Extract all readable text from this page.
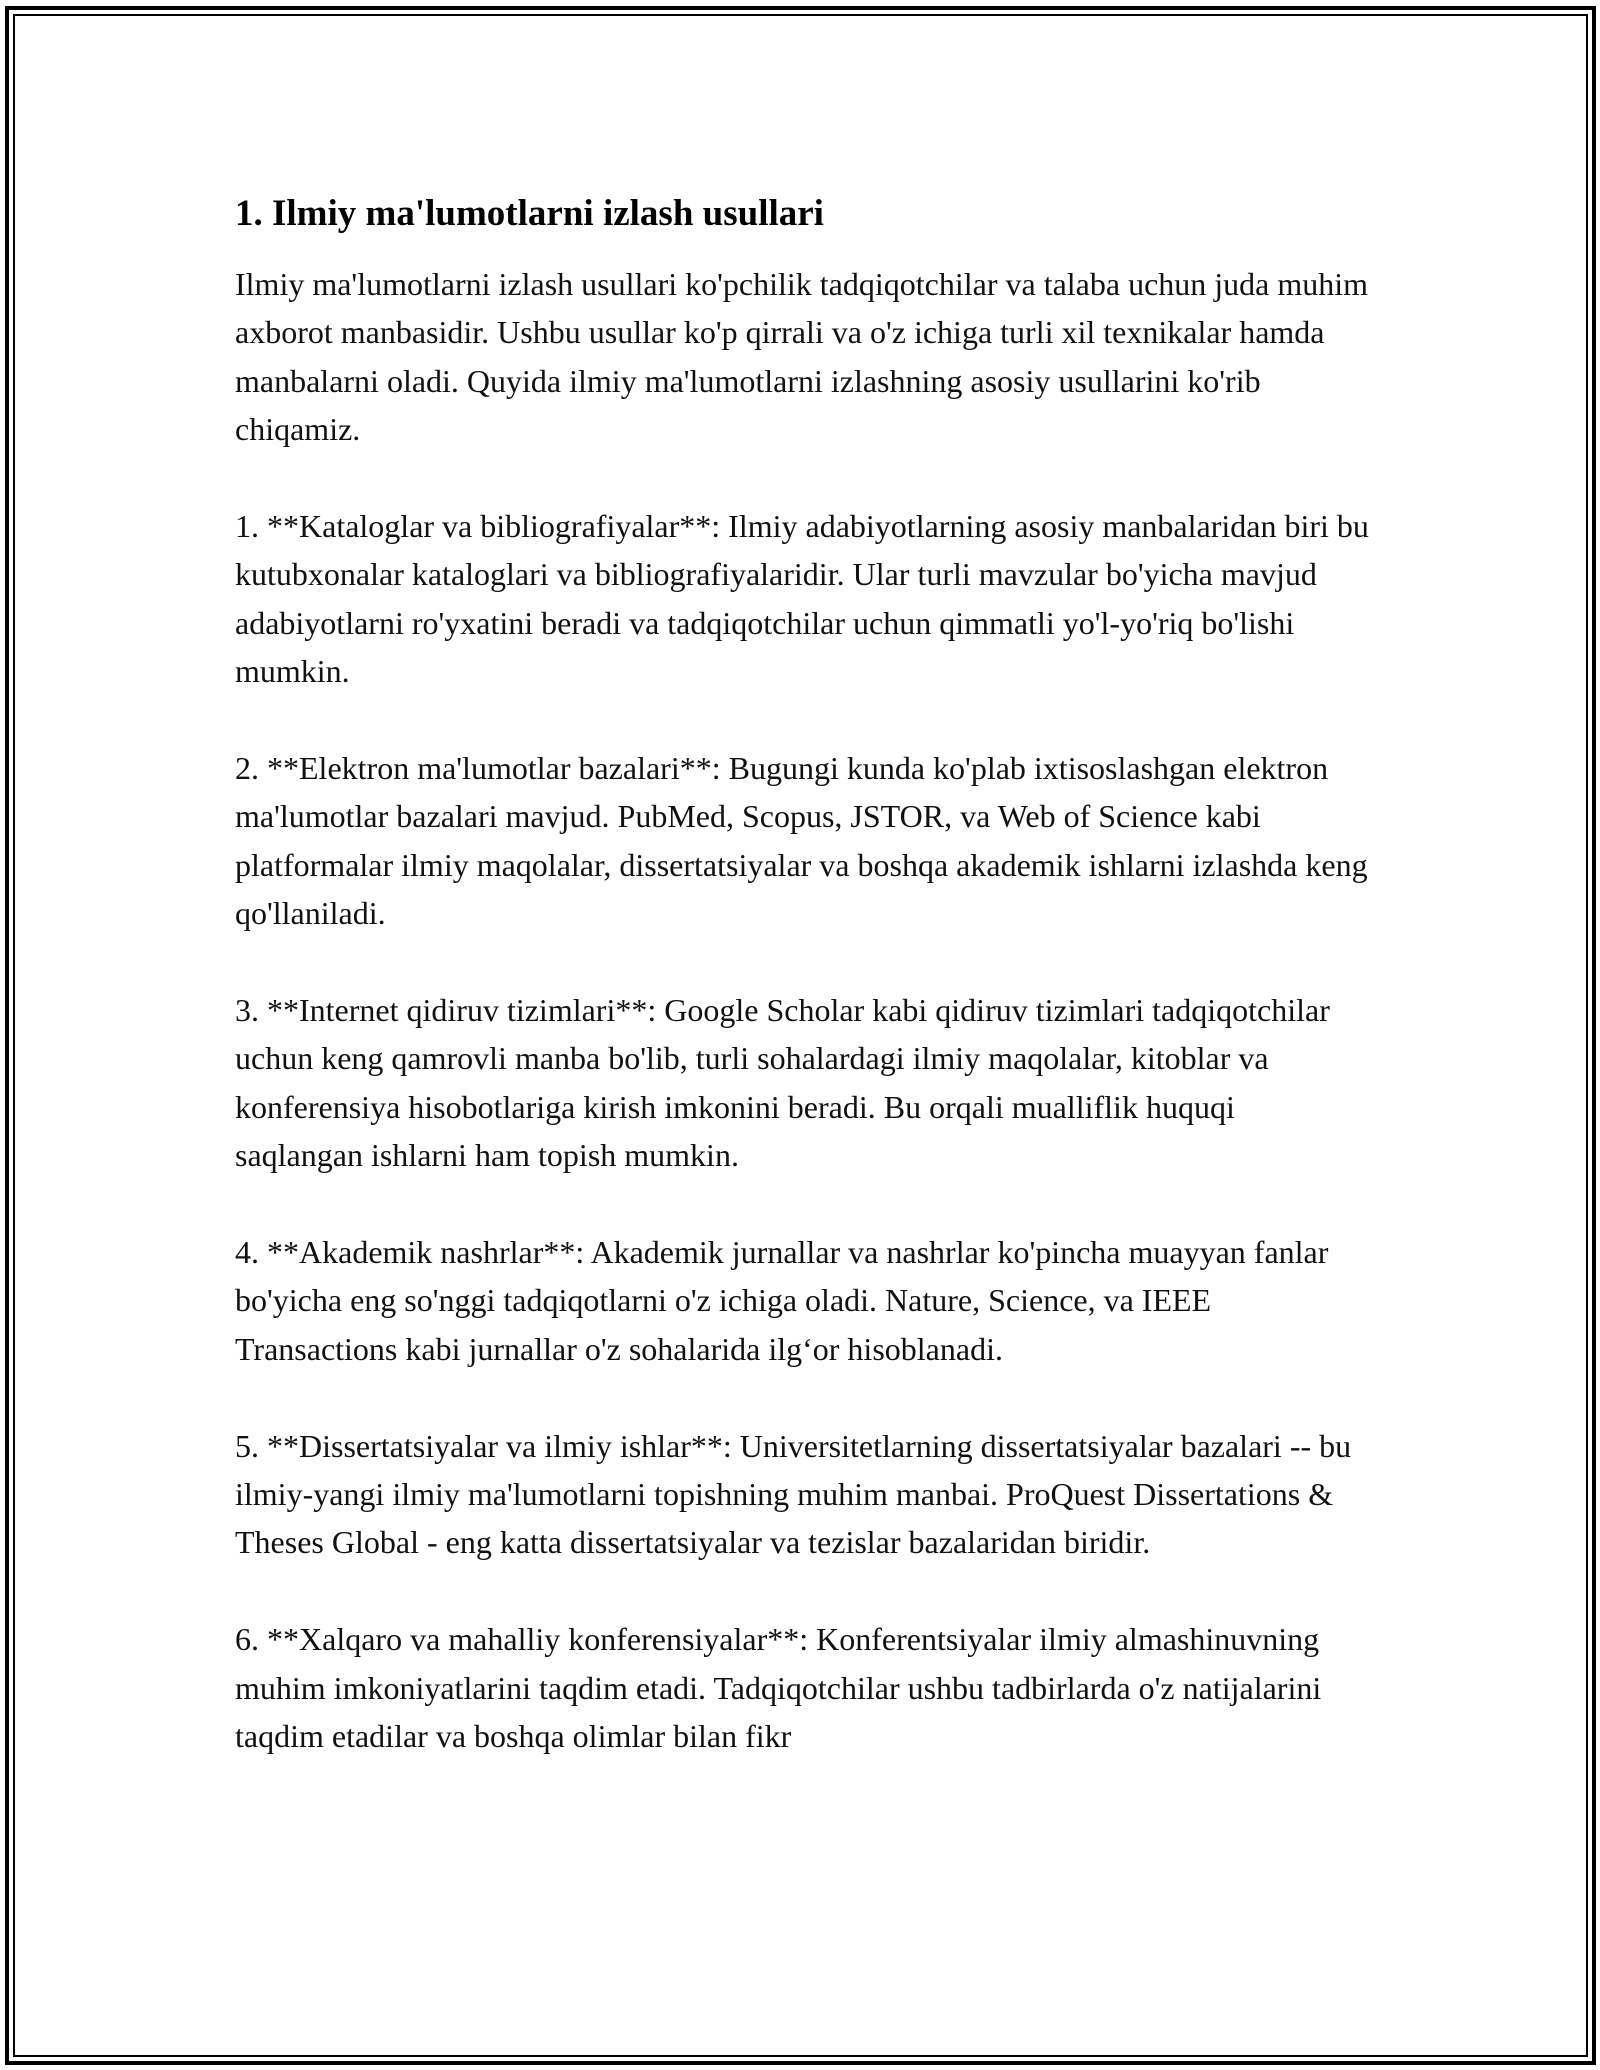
1. Ilmiy ma'lumotlarni izlash usullari

Ilmiy ma'lumotlarni izlash usullari ko'pchilik tadqiqotchilar va talaba uchun juda muhim axborot manbasidir. Ushbu usullar ko'p qirrali va o'z ichiga turli xil texnikalar hamda manbalarni oladi. Quyida ilmiy ma'lumotlarni izlashning asosiy usullarini ko'rib chiqamiz.

1. **Kataloglar va bibliografiyalar**: Ilmiy adabiyotlarning asosiy manbalaridan biri bu kutubxonalar kataloglari va bibliografiyalaridir. Ular turli mavzular bo'yicha mavjud adabiyotlarni ro'yxatini beradi va tadqiqotchilar uchun qimmatli yo'l-yo'riq bo'lishi mumkin.

2. **Elektron ma'lumotlar bazalari**: Bugungi kunda ko'plab ixtisoslashgan elektron ma'lumotlar bazalari mavjud. PubMed, Scopus, JSTOR, va Web of Science kabi platformalar ilmiy maqolalar, dissertatsiyalar va boshqa akademik ishlarni izlashda keng qo'llaniladi.

3. **Internet qidiruv tizimlari**: Google Scholar kabi qidiruv tizimlari tadqiqotchilar uchun keng qamrovli manba bo'lib, turli sohalardagi ilmiy maqolalar, kitoblar va konferensiya hisobotlariga kirish imkonini beradi. Bu orqali mualliflik huquqi saqlangan ishlarni ham topish mumkin.

4. **Akademik nashrlar**: Akademik jurnallar va nashrlar ko'pincha muayyan fanlar bo'yicha eng so'nggi tadqiqotlarni o'z ichiga oladi. Nature, Science, va IEEE Transactions kabi jurnallar o'z sohalarida ilg‘or hisoblanadi.

5. **Dissertatsiyalar va ilmiy ishlar**: Universitetlarning dissertatsiyalar bazalari -- bu ilmiy-yangi ilmiy ma'lumotlarni topishning muhim manbai. ProQuest Dissertations & Theses Global - eng katta dissertatsiyalar va tezislar bazalaridan biridir.

6. **Xalqaro va mahalliy konferensiyalar**: Konferentsiyalar ilmiy almashinuvning muhim imkoniyatlarini taqdim etadi. Tadqiqotchilar ushbu tadbirlarda o'z natijalarini taqdim etadilar va boshqa olimlar bilan fikr
